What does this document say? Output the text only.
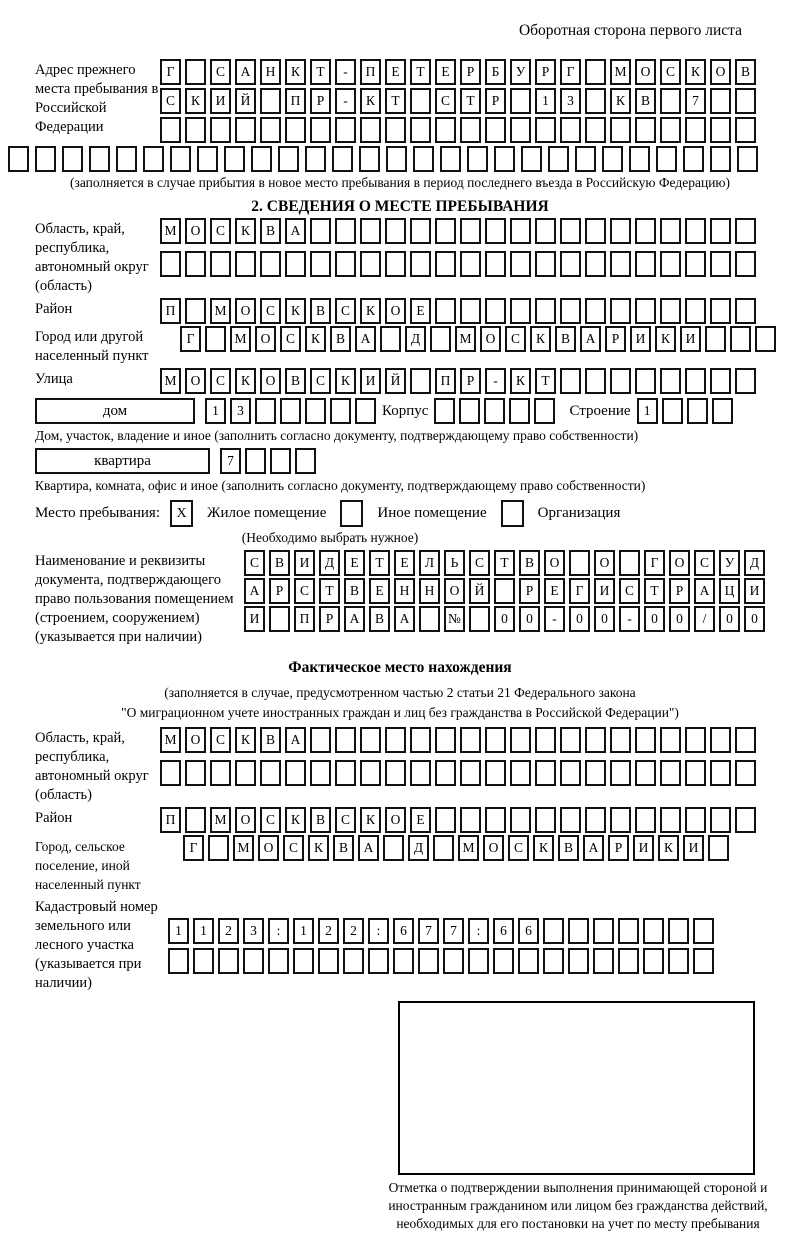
Оборотная сторона первого листа
Адрес прежнего места пребывания в Российской Федерации
Г	С	А	Н	К	Т	-	П	Е	Т	Е	Р	Б	У	Р	Г	М	О	С	К	О	В
С	К	И	Й	П	Р	-	К	Т	С	Т	Р	1	3	К	В	7
(заполняется в случае прибытия в новое место пребывания в период последнего въезда в Российскую Федерацию)
2. СВЕДЕНИЯ О МЕСТЕ ПРЕБЫВАНИЯ
Область, край, республика, автономный округ (область)
М	О	С	К	В	А
Район	П	М	О	С	К	В	С	К	О	Е
Город или другой населенный пункт
Г	М	О	С	К	В	А	Д	М	О	С	К	В	А	Р	И	К	И
Улица	М	О	С	К	О	В	С	К	И	Й	П	Р	-	К	Т
дом	1	3	Корпус	Строение 1
Дом, участок, владение и иное (заполнить согласно документу, подтверждающему право собственности)
квартира	7
Квартира, комната, офис и иное (заполнить согласно документу, подтверждающему право собственности)
Место пребывания:	X	Жилое помещение	Иное помещение	Организация
(Необходимо выбрать нужное)
Наименование и реквизиты документа, подтверждающего право пользования помещением (строением, сооружением) (указывается при наличии)
С	В	И	Д	Е	Т	Е	Л	Ь	С	Т	В	О	О	Г	О	С	У	Д
А	Р	С	Т	В	Е	Н	Н	О	Й	Р	Е	Г	И	С	Т	Р	А	Ц	И
И	П	Р	А	В	А	№	0	0	-	0	0	-	0	0	/	0	0
Фактическое место нахождения
(заполняется в случае, предусмотренном частью 2 статьи 21 Федерального закона
"О миграционном учете иностранных граждан и лиц без гражданства в Российской Федерации")
Область, край, республика, автономный округ (область)
М	О	С	К	В	А
Район	П	М	О	С	К	В	С	К	О	Е
Город, сельское поселение, иной населенный пункт
Г	М	О	С	К	В	А	Д	М	О	С	К	В	А	Р	И	К	И
Кадастровый номер земельного или лесного участка (указывается при наличии)
1	1	2	3	:	1	2	2	:	6	7	7	:	6	6
Отметка о подтверждении выполнения принимающей стороной и иностранным гражданином или лицом без гражданства действий, необходимых для его постановки на учет по месту пребывания
